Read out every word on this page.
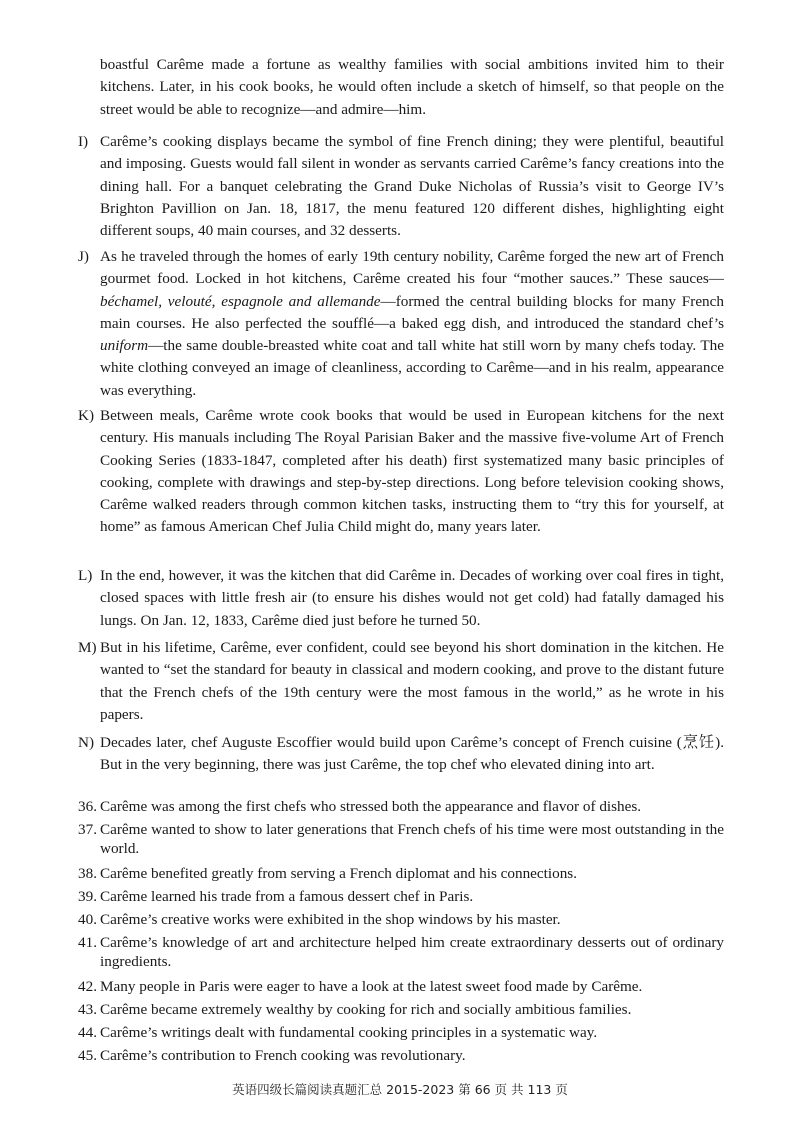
boastful Carême made a fortune as wealthy families with social ambitions invited him to their kitchens. Later, in his cook books, he would often include a sketch of himself, so that people on the street would be able to recognize—and admire—him.
I) Carême’s cooking displays became the symbol of fine French dining; they were plentiful, beautiful and imposing. Guests would fall silent in wonder as servants carried Carême’s fancy creations into the dining hall. For a banquet celebrating the Grand Duke Nicholas of Russia’s visit to George IV’s Brighton Pavillion on Jan. 18, 1817, the menu featured 120 different dishes, highlighting eight different soups, 40 main courses, and 32 desserts.
J) As he traveled through the homes of early 19th century nobility, Carême forged the new art of French gourmet food. Locked in hot kitchens, Carême created his four “mother sauces.” These sauces—béchamel, velouté, espagnole and allemande—formed the central building blocks for many French main courses. He also perfected the soufflé—a baked egg dish, and introduced the standard chef’s uniform—the same double-breasted white coat and tall white hat still worn by many chefs today. The white clothing conveyed an image of cleanliness, according to Carême—and in his realm, appearance was everything.
K) Between meals, Carême wrote cook books that would be used in European kitchens for the next century. His manuals including The Royal Parisian Baker and the massive five-volume Art of French Cooking Series (1833-1847, completed after his death) first systematized many basic principles of cooking, complete with drawings and step-by-step directions. Long before television cooking shows, Carême walked readers through common kitchen tasks, instructing them to “try this for yourself, at home” as famous American Chef Julia Child might do, many years later.
L) In the end, however, it was the kitchen that did Carême in. Decades of working over coal fires in tight, closed spaces with little fresh air (to ensure his dishes would not get cold) had fatally damaged his lungs. On Jan. 12, 1833, Carême died just before he turned 50.
M) But in his lifetime, Carême, ever confident, could see beyond his short domination in the kitchen. He wanted to “set the standard for beauty in classical and modern cooking, and prove to the distant future that the French chefs of the 19th century were the most famous in the world,” as he wrote in his papers.
N) Decades later, chef Auguste Escoffier would build upon Carême’s concept of French cuisine (烹饪). But in the very beginning, there was just Carême, the top chef who elevated dining into art.
36. Carême was among the first chefs who stressed both the appearance and flavor of dishes.
37. Carême wanted to show to later generations that French chefs of his time were most outstanding in the world.
38. Carême benefited greatly from serving a French diplomat and his connections.
39. Carême learned his trade from a famous dessert chef in Paris.
40. Carême’s creative works were exhibited in the shop windows by his master.
41. Carême’s knowledge of art and architecture helped him create extraordinary desserts out of ordinary ingredients.
42. Many people in Paris were eager to have a look at the latest sweet food made by Carême.
43. Carême became extremely wealthy by cooking for rich and socially ambitious families.
44. Carême’s writings dealt with fundamental cooking principles in a systematic way.
45. Carême’s contribution to French cooking was revolutionary.
英语四级长篇阅读真题汇总 2015-2023 第 66 页 共 113 页
